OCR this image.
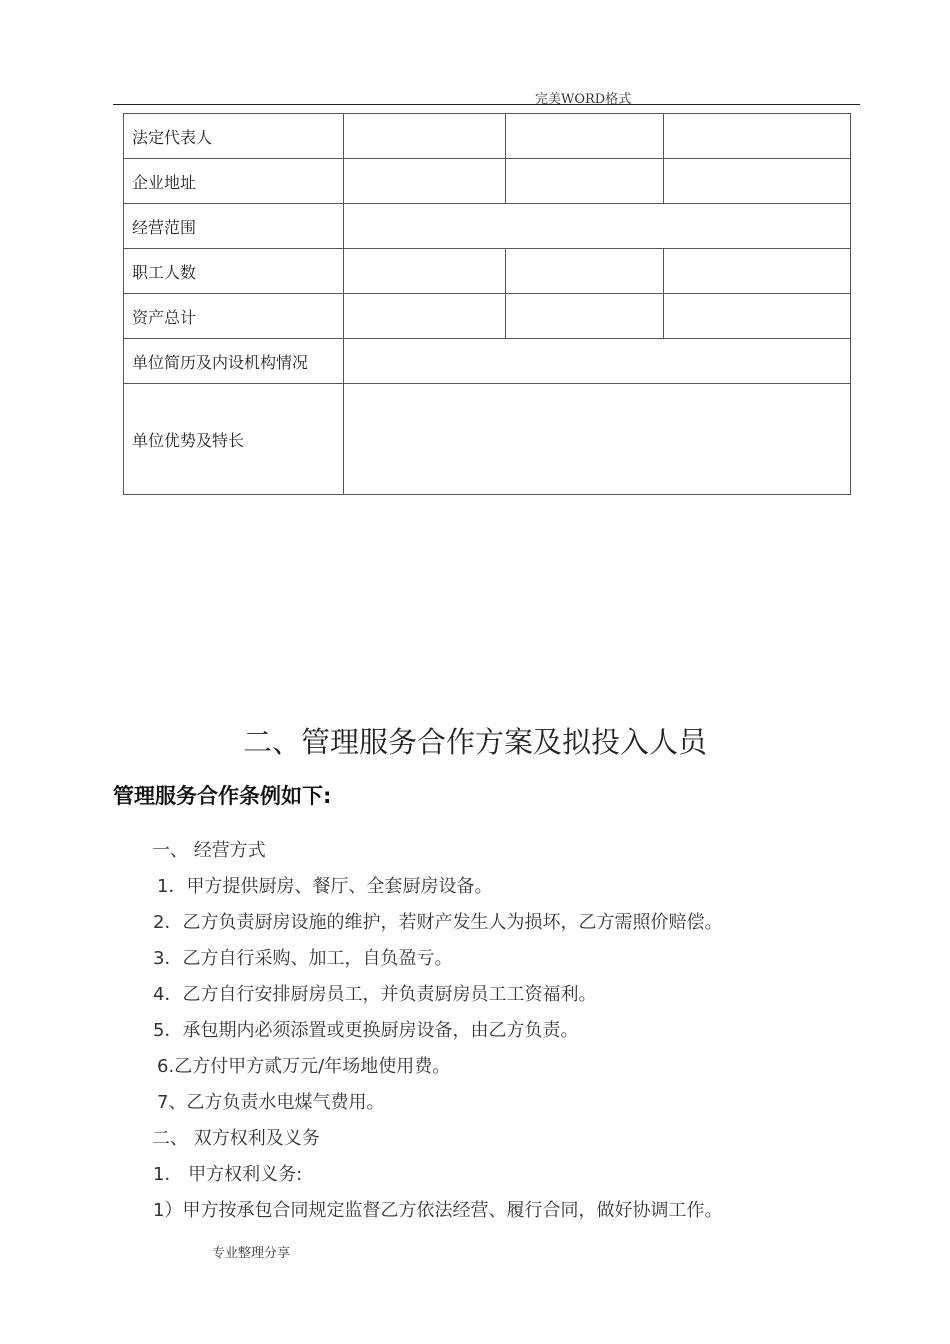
完美WORD格式
法定代表人			
企业地址			
经营范围			
职工人数			
资产总计			
单位简历及内设机构情况			
单位优势及特长			
二、管理服务合作方案及拟投入人员
管理服务合作条例如下:
一、 经营方式
1．甲方提供厨房、餐厅、全套厨房设备。
2．乙方负责厨房设施的维护，若财产发生人为损坏，乙方需照价赔偿。
3．乙方自行采购、加工，自负盈亏。
4．乙方自行安排厨房员工，并负责厨房员工工资福利。
5．承包期内必须添置或更换厨房设备，由乙方负责。
6.乙方付甲方贰万元/年场地使用费。
7、乙方负责水电煤气费用。
二、 双方权利及义务
1． 甲方权利义务:
1）甲方按承包合同规定监督乙方依法经营、履行合同，做好协调工作。
专业整理分享
